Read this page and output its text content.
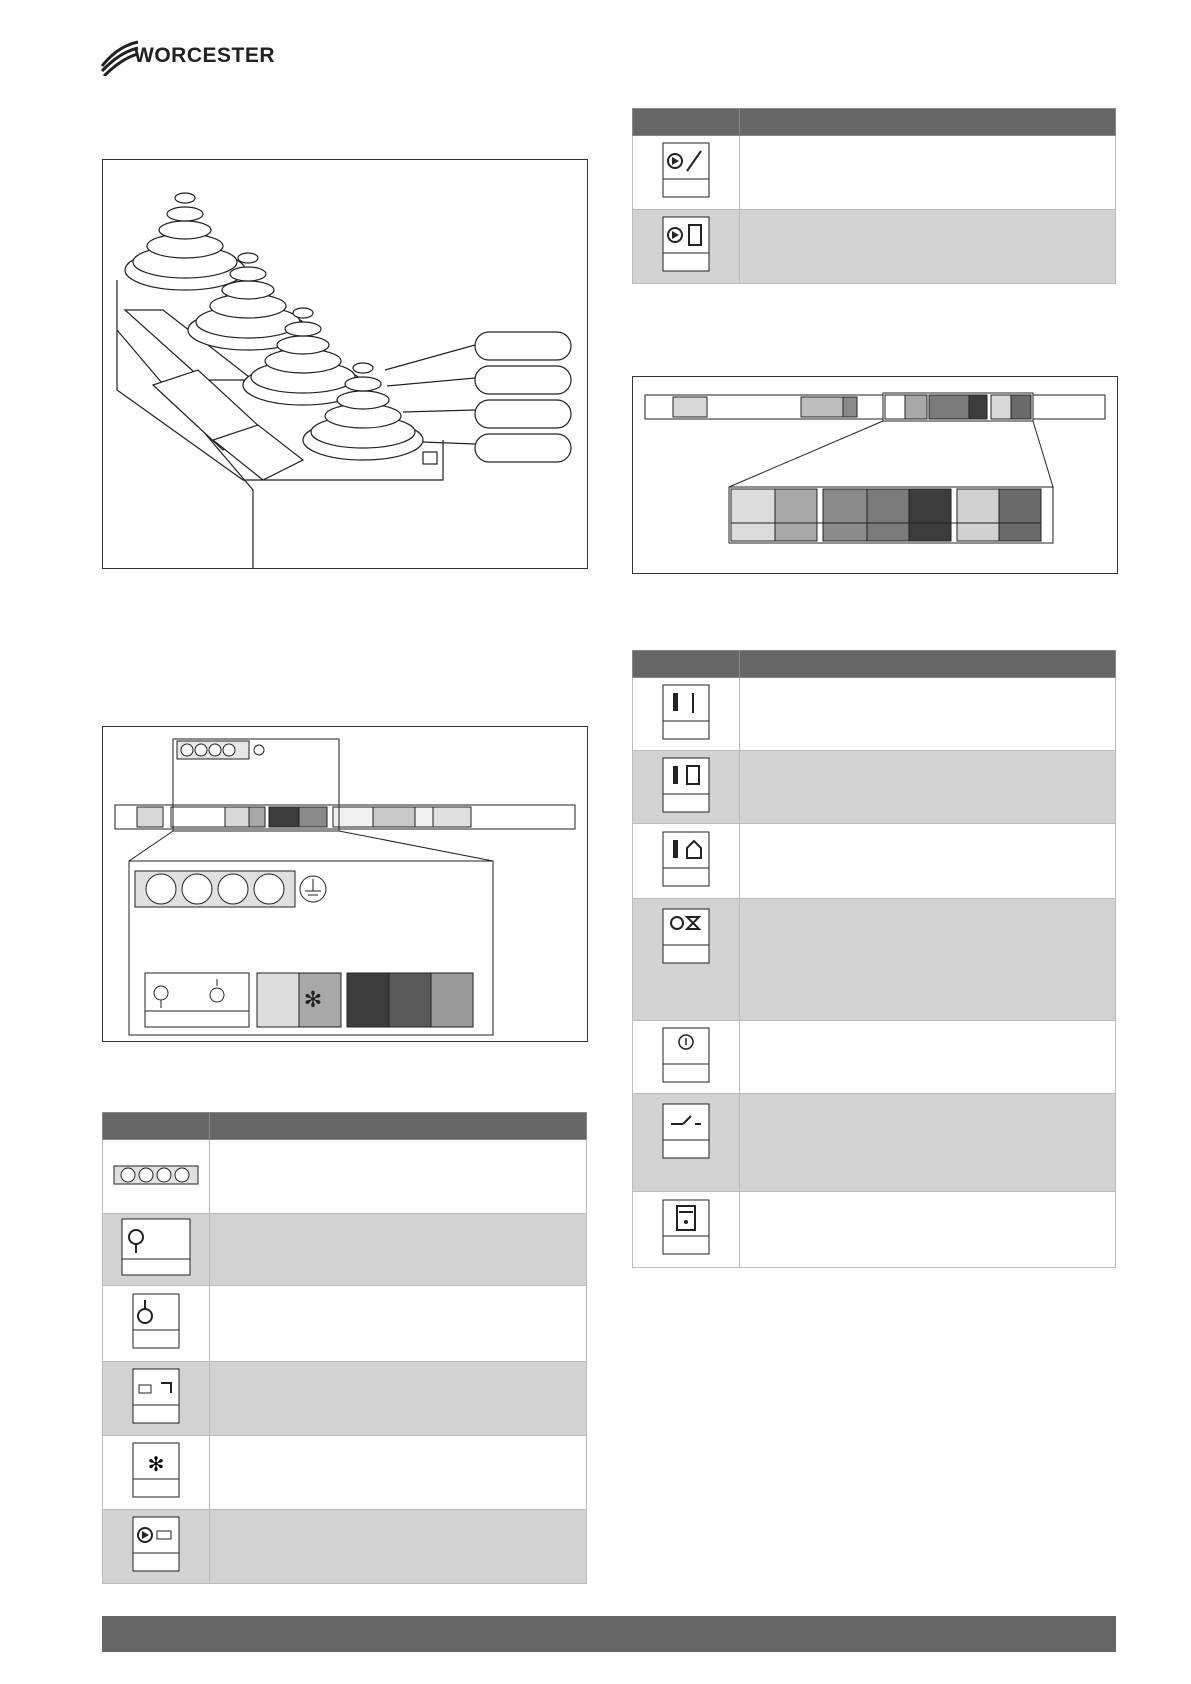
WORCESTER
✻

✻	
